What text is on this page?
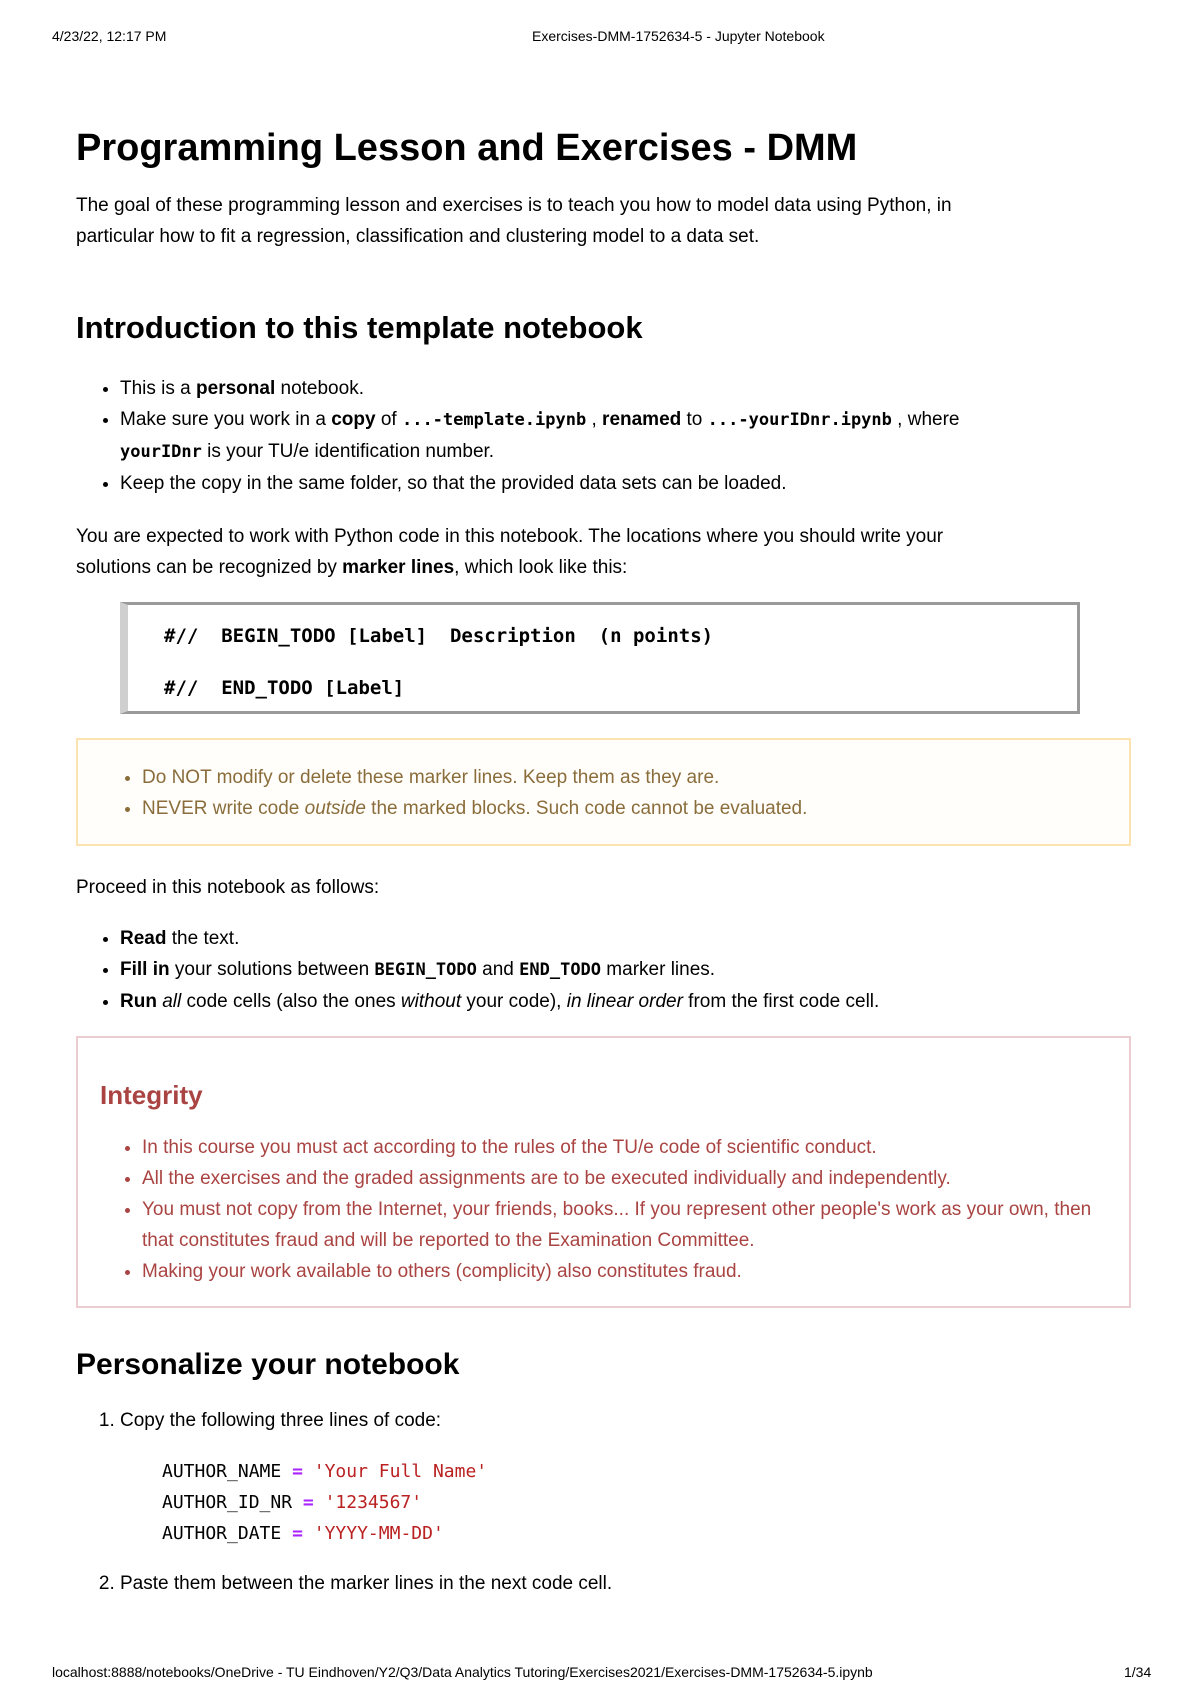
4/23/22, 12:17 PM	Exercises-DMM-1752634-5 - Jupyter Notebook
Programming Lesson and Exercises - DMM

The goal of these programming lesson and exercises is to teach you how to model data using Python, in
particular how to fit a regression, classification and clustering model to a data set.

Introduction to this template notebook
• This is a personal notebook.
• Make sure you work in a copy of ...-template.ipynb , renamed to ...-yourIDnr.ipynb , where
yourIDnr is your TU/e identification number.
• Keep the copy in the same folder, so that the provided data sets can be loaded.

You are expected to work with Python code in this notebook. The locations where you should write your
solutions can be recognized by marker lines, which look like this:

#//  BEGIN_TODO [Label]  Description  (n points)
#//  END_TODO [Label]
• Do NOT modify or delete these marker lines. Keep them as they are.
• NEVER write code outside the marked blocks. Such code cannot be evaluated.

Proceed in this notebook as follows:

• Read the text.
• Fill in your solutions between BEGIN_TODO and END_TODO marker lines.
• Run all code cells (also the ones without your code), in linear order from the first code cell.
Integrity
• In this course you must act according to the rules of the TU/e code of scientific conduct.
• All the exercises and the graded assignments are to be executed individually and independently.
• You must not copy from the Internet, your friends, books... If you represent other people's work as your own, then that constitutes fraud and will be reported to the Examination Committee.
• Making your work available to others (complicity) also constitutes fraud.
Personalize your notebook
1. Copy the following three lines of code:
AUTHOR_NAME = 'Your Full Name'
AUTHOR_ID_NR = '1234567'
AUTHOR_DATE = 'YYYY-MM-DD'
2. Paste them between the marker lines in the next code cell.
localhost:8888/notebooks/OneDrive - TU Eindhoven/Y2/Q3/Data Analytics Tutoring/Exercises2021/Exercises-DMM-1752634-5.ipynb	1/34
